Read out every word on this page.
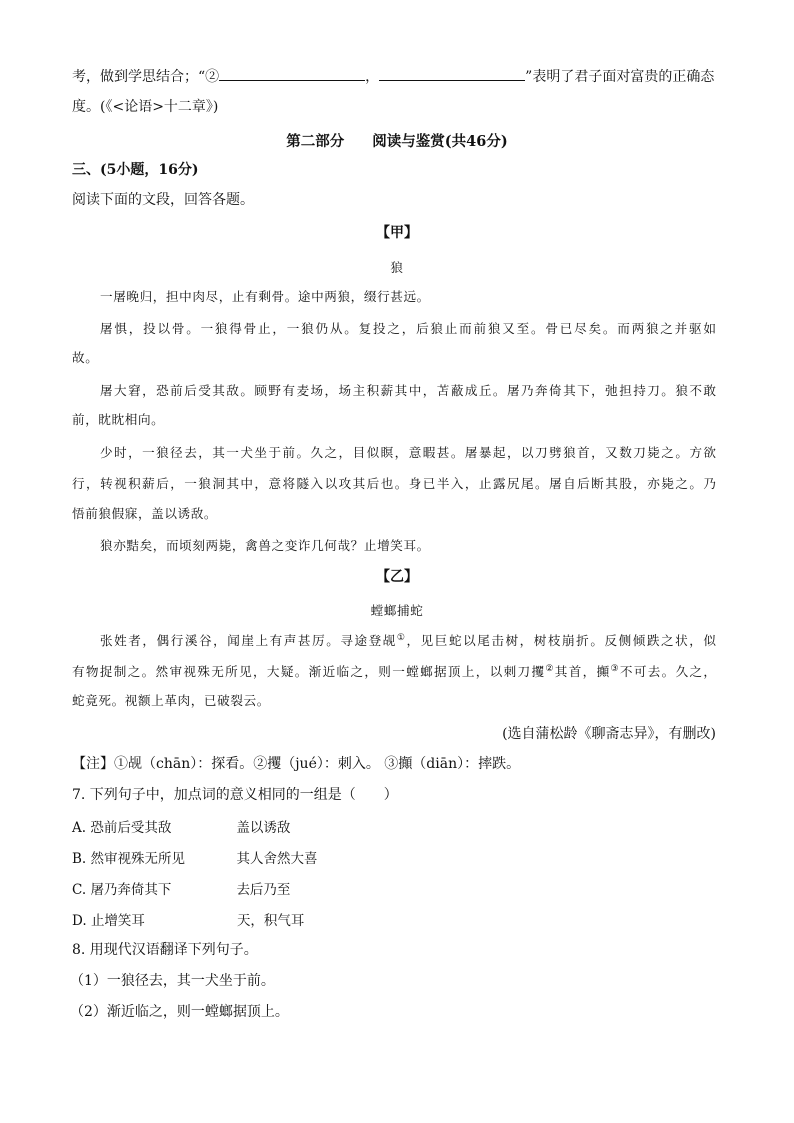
考，做到学思结合；“②	，	”表明了君子面对富贵的正确态
度。(《<论语>十二章》)
第二部分 阅读与鉴赏(共46分)
三、(5小题，16分)
阅读下面的文段，回答各题。
【甲】
狼
一屠晚归，担中肉尽，止有剩骨。途中两狼，缀行甚远。
屠惧，投以骨。一狼得骨止，一狼仍从。复投之，后狼止而前狼又至。骨已尽矣。而两狼之并驱如
故。
屠大窘，恐前后受其敌。顾野有麦场，场主积薪其中，苫蔽成丘。屠乃奔倚其下，弛担持刀。狼不敢
前，眈眈相向。
少时，一狼径去，其一犬坐于前。久之，目似瞑，意暇甚。屠暴起，以刀劈狼首，又数刀毙之。方欲
行，转视积薪后，一狼洞其中，意将隧入以攻其后也。身已半入，止露尻尾。屠自后断其股，亦毙之。乃
悟前狼假寐，盖以诱敌。
狼亦黠矣，而顷刻两毙，禽兽之变诈几何哉？止增笑耳。
【乙】
螳螂捕蛇
张姓者，偶行溪谷，闻崖上有声甚厉。寻途登觇①，见巨蛇以尾击树，树枝崩折。反侧倾跌之状，似
有物捉制之。然审视殊无所见，大疑。渐近临之，则一螳螂据顶上，以刺刀攫②其首，攧③不可去。久之，
蛇竟死。视额上革肉，已破裂云。
(选自蒲松龄《聊斋志异》，有删改)
【注】①觇（chān）：探看。②攫（jué）：刺入。 ③攧（diān）：摔跌。
7. 下列句子中，加点词的意义相同的一组是（　　）
A. 恐前后受其敌	盖以诱敌
B. 然审视殊无所见	其人舍然大喜
C. 屠乃奔倚其下	去后乃至
D. 止增笑耳	天，积气耳
8. 用现代汉语翻译下列句子。
（1）一狼径去，其一犬坐于前。
（2）渐近临之，则一螳螂据顶上。
